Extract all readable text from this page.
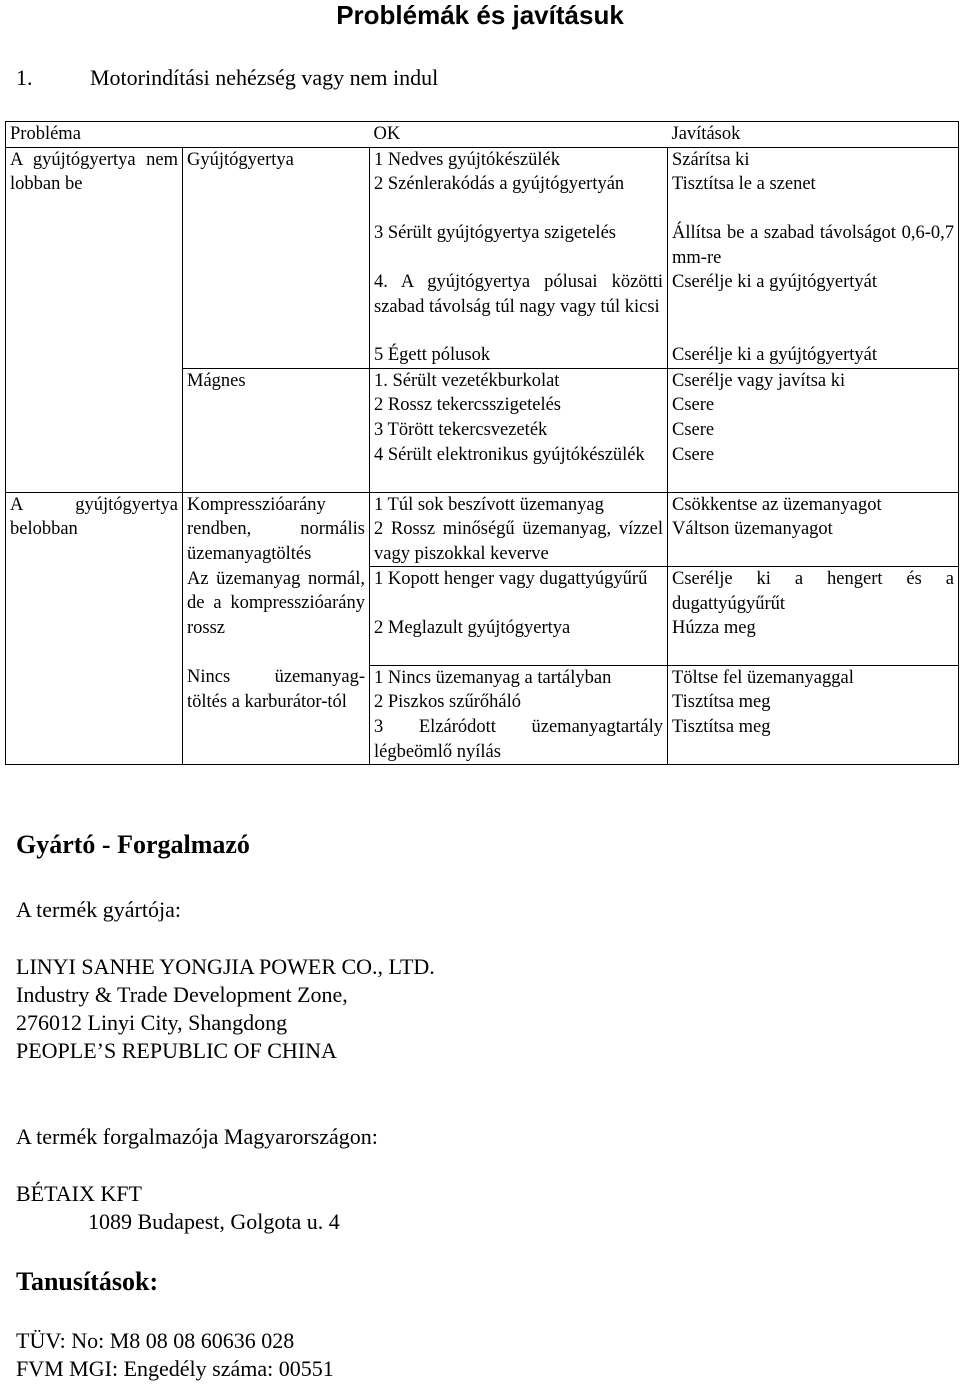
Problémák és javításuk
1.	Motorindítási nehézség vagy nem indul
Probléma		OK	Javítások
A gyújtógyertya nem lobban be	Gyújtógyertya	1 Nedves gyújtókészülék	Szárítsa ki
		2 Szénlerakódás a gyújtógyertyán	Tisztítsa le a szenet
		3 Sérült gyújtógyertya szigetelés	Állítsa be a szabad távolságot 0,6-0,7 mm-re
		4. A gyújtógyertya pólusai közötti szabad távolság túl nagy vagy túl kicsi	Cserélje ki a gyújtógyertyát
		5 Égett pólusok	Cserélje ki a gyújtógyertyát
	Mágnes	1. Sérült vezetékburkolat	Cserélje vagy javítsa ki
		2 Rossz tekercsszigetelés	Csere
		3 Törött tekercsvezeték	Csere
		4 Sérült elektronikus gyújtókészülék	Csere
A gyújtógyertya belobban	Kompresszióarány rendben, normális üzemanyagtöltés	1 Túl sok beszívott üzemanyag	Csökkentse az üzemanyagot
		2 Rossz minőségű üzemanyag, vízzel vagy piszokkal keverve	Váltson üzemanyagot
	Az üzemanyag normál, de a kompresszióarány rossz	1 Kopott henger vagy dugattyúgyűrű	Cserélje ki a hengert és a dugattyúgyűrűt
		2 Meglazult gyújtógyertya	Húzza meg
	Nincs üzemanyag-töltés a karburátor-tól	1 Nincs üzemanyag a tartályban	Töltse fel üzemanyaggal
		2 Piszkos szűrőháló	Tisztítsa meg
		3 Elzáródott üzemanyagtartály légbeömlő nyílás	Tisztítsa meg
Gyártó - Forgalmazó
A termék gyártója:
LINYI SANHE YONGJIA POWER CO., LTD.
Industry & Trade Development Zone,
276012 Linyi City, Shangdong
PEOPLE’S REPUBLIC OF CHINA
A termék forgalmazója Magyarországon:
BÉTAIX KFT
1089 Budapest, Golgota u. 4
Tanusítások:
TÜV: No: M8 08 08 60636 028
FVM MGI: Engedély száma: 00551
